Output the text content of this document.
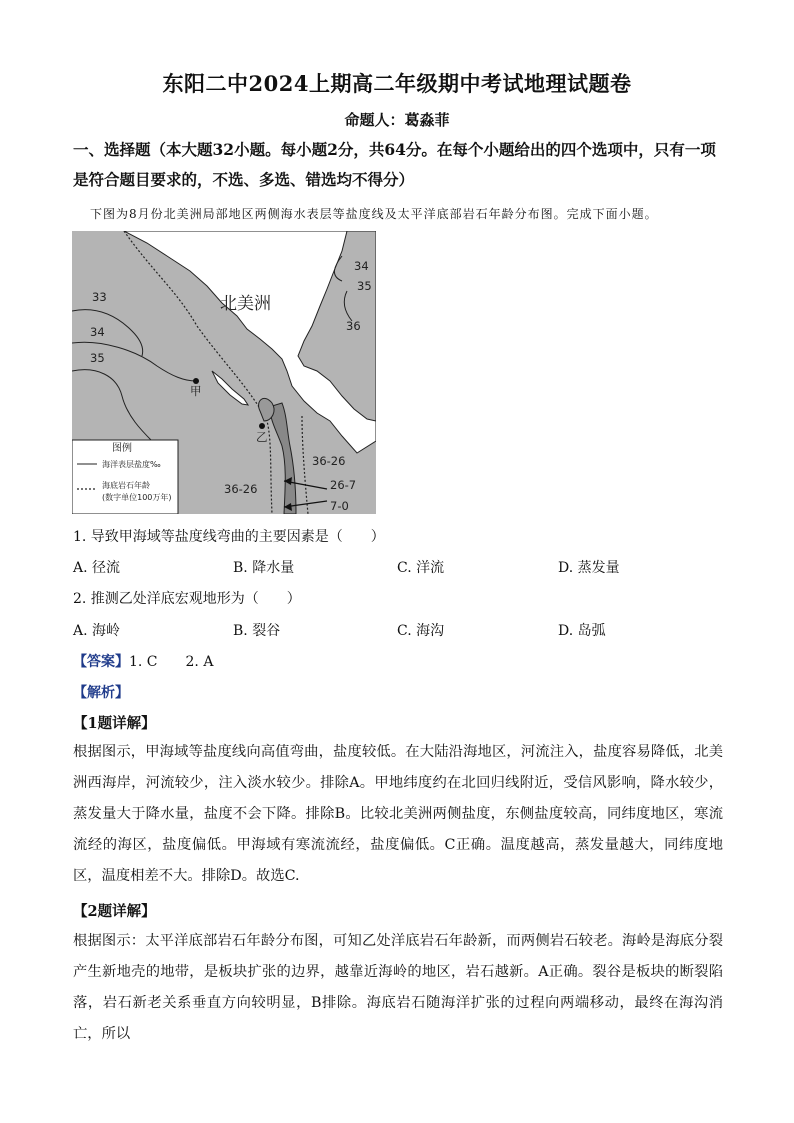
东阳二中2024上期高二年级期中考试地理试题卷
命题人：葛淼菲
一、选择题（本大题32小题。每小题2分，共64分。在每个小题给出的四个选项中，只有一项是符合题目要求的，不选、多选、错选均不得分）
下图为8月份北美洲局部地区两侧海水表层等盐度线及太平洋底部岩石年龄分布图。完成下面小题。
北美洲
33
34
35
34
35
36
甲
乙
36-26
36-26	26-7
7-0
图例
海洋表层盐度‰
海底岩石年龄
(数字单位100万年)
1. 导致甲海域等盐度线弯曲的主要因素是（　　）
A. 径流	B. 降水量	C. 洋流	D. 蒸发量
2. 推测乙处洋底宏观地形为（　　）
A. 海岭	B. 裂谷	C. 海沟	D. 岛弧
【答案】1. C　　2. A
【解析】
【1题详解】
根据图示，甲海域等盐度线向高值弯曲，盐度较低。在大陆沿海地区，河流注入，盐度容易降低，北美洲西海岸，河流较少，注入淡水较少。排除A。甲地纬度约在北回归线附近，受信风影响，降水较少，蒸发量大于降水量，盐度不会下降。排除B。比较北美洲两侧盐度，东侧盐度较高，同纬度地区，寒流流经的海区，盐度偏低。甲海域有寒流流经，盐度偏低。C正确。温度越高，蒸发量越大，同纬度地区，温度相差不大。排除D。故选C.
【2题详解】
根据图示：太平洋底部岩石年龄分布图，可知乙处洋底岩石年龄新，而两侧岩石较老。海岭是海底分裂产生新地壳的地带，是板块扩张的边界，越靠近海岭的地区，岩石越新。A正确。裂谷是板块的断裂陷落，岩石新老关系垂直方向较明显，B排除。海底岩石随海洋扩张的过程向两端移动，最终在海沟消亡，所以
